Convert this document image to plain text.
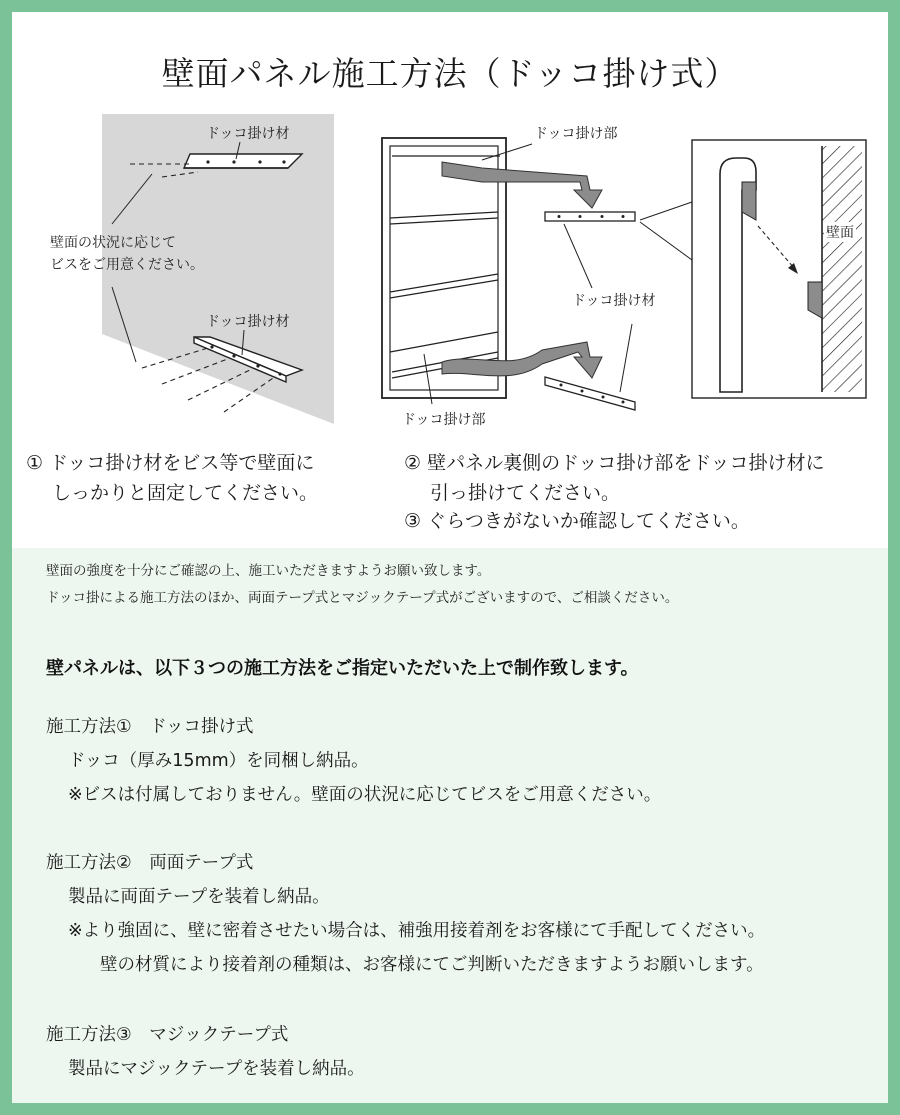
壁面パネル施工方法（ドッコ掛け式）
ドッコ掛け材
ドッコ掛け材
壁面の状況に応じて
ビスをご用意ください。
ドッコ掛け部
ドッコ掛け材
ドッコ掛け部
壁面
① ドッコ掛け材をビス等で壁面に
しっかりと固定してください。
② 壁パネル裏側のドッコ掛け部をドッコ掛け材に
引っ掛けてください。
③ ぐらつきがないか確認してください。
壁面の強度を十分にご確認の上、施工いただきますようお願い致します。
ドッコ掛による施工方法のほか、両面テープ式とマジックテープ式がございますので、ご相談ください。
壁パネルは、以下３つの施工方法をご指定いただいた上で制作致します。
施工方法①　ドッコ掛け式
ドッコ（厚み15mm）を同梱し納品。
※ビスは付属しておりません。壁面の状況に応じてビスをご用意ください。
施工方法②　両面テープ式
製品に両面テープを装着し納品。
※より強固に、壁に密着させたい場合は、補強用接着剤をお客様にて手配してください。
壁の材質により接着剤の種類は、お客様にてご判断いただきますようお願いします。
施工方法③　マジックテープ式
製品にマジックテープを装着し納品。
